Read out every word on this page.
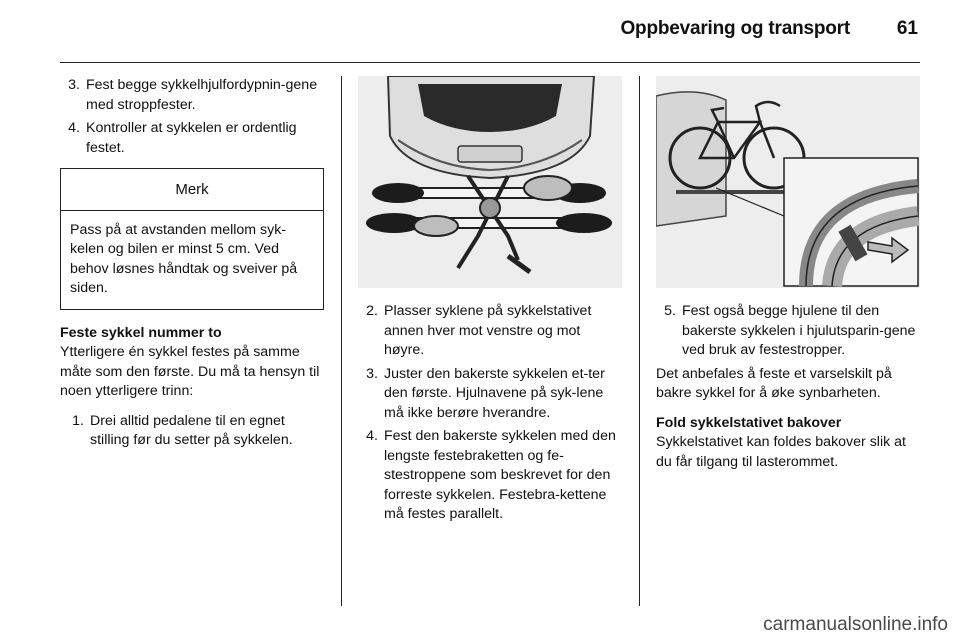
Oppbevaring og transport 61
3. Fest begge sykkelhjulfordypnin-gene med stroppfester.
4. Kontroller at sykkelen er ordentlig festet.
Merk
Pass på at avstanden mellom syk-kelen og bilen er minst 5 cm. Ved behov løsnes håndtak og sveiver på siden.

Feste sykkel nummer to

Ytterligere én sykkel festes på samme måte som den første. Du må ta hensyn til noen ytterligere trinn:

1. Drei alltid pedalene til en egnet stilling før du setter på sykkelen.
2. Plasser syklene på sykkelstativet annen hver mot venstre og mot høyre.
3. Juster den bakerste sykkelen et-ter den første. Hjulnavene på syk-lene må ikke berøre hverandre.
4. Fest den bakerste sykkelen med den lengste festebraketten og fe-stestroppene som beskrevet for den forreste sykkelen. Festebra-kettene må festes parallelt.
5. Fest også begge hjulene til den bakerste sykkelen i hjulutsparin-gene ved bruk av festestropper.

Det anbefales å feste et varselskilt på bakre sykkel for å øke synbarheten.

Fold sykkelstativet bakover

Sykkelstativet kan foldes bakover slik at du får tilgang til lasterommet.

carmanualsonline.info
